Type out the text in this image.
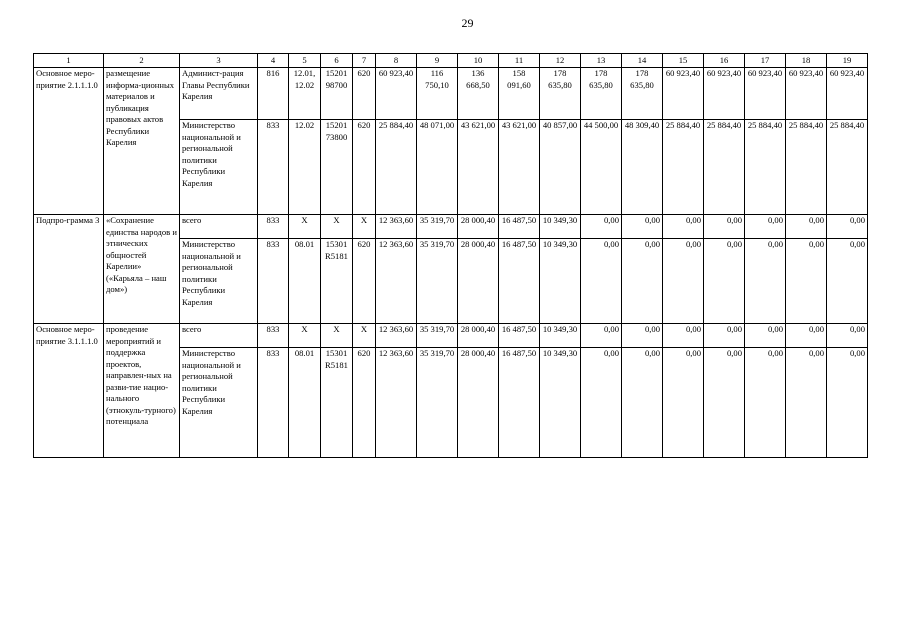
29
1	2	3	4	5	6	7	8	9	10	11	12	13	14	15	16	17	18	19
Основное меро-приятие 2.1.1.1.0	размещение информа-ционных материалов и публикация правовых актов Республики Карелия	Админист-рация Главы Республики Карелия	816	12.01, 12.02	15201 98700	620	60 923,40	116 750,10	136 668,50	158 091,60	178 635,80	178 635,80	178 635,80	60 923,40	60 923,40	60 923,40	60 923,40	60 923,40
		Министерство национальной и региональной политики Республики Карелия	833	12.02	15201 73800	620	25 884,40	48 071,00	43 621,00	43 621,00	40 857,00	44 500,00	48 309,40	25 884,40	25 884,40	25 884,40	25 884,40	25 884,40
Подпро-грамма 3	«Сохранение единства народов и этнических общностей Карелии» («Карьяла – наш дом»)	всего	833	Х	Х	Х	12 363,60	35 319,70	28 000,40	16 487,50	10 349,30	0,00	0,00	0,00	0,00	0,00	0,00	0,00
		Министерство национальной и региональной политики Республики Карелия	833	08.01	15301 R5181	620	12 363,60	35 319,70	28 000,40	16 487,50	10 349,30	0,00	0,00	0,00	0,00	0,00	0,00	0,00
Основное меро-приятие 3.1.1.1.0	проведение мероприятий и поддержка проектов, направлен-ных на разви-тие нацио-нального (этнокуль-турного) потенциала	всего	833	Х	Х	Х	12 363,60	35 319,70	28 000,40	16 487,50	10 349,30	0,00	0,00	0,00	0,00	0,00	0,00	0,00
		Министерство национальной и региональной политики Республики Карелия	833	08.01	15301 R5181	620	12 363,60	35 319,70	28 000,40	16 487,50	10 349,30	0,00	0,00	0,00	0,00	0,00	0,00	0,00
